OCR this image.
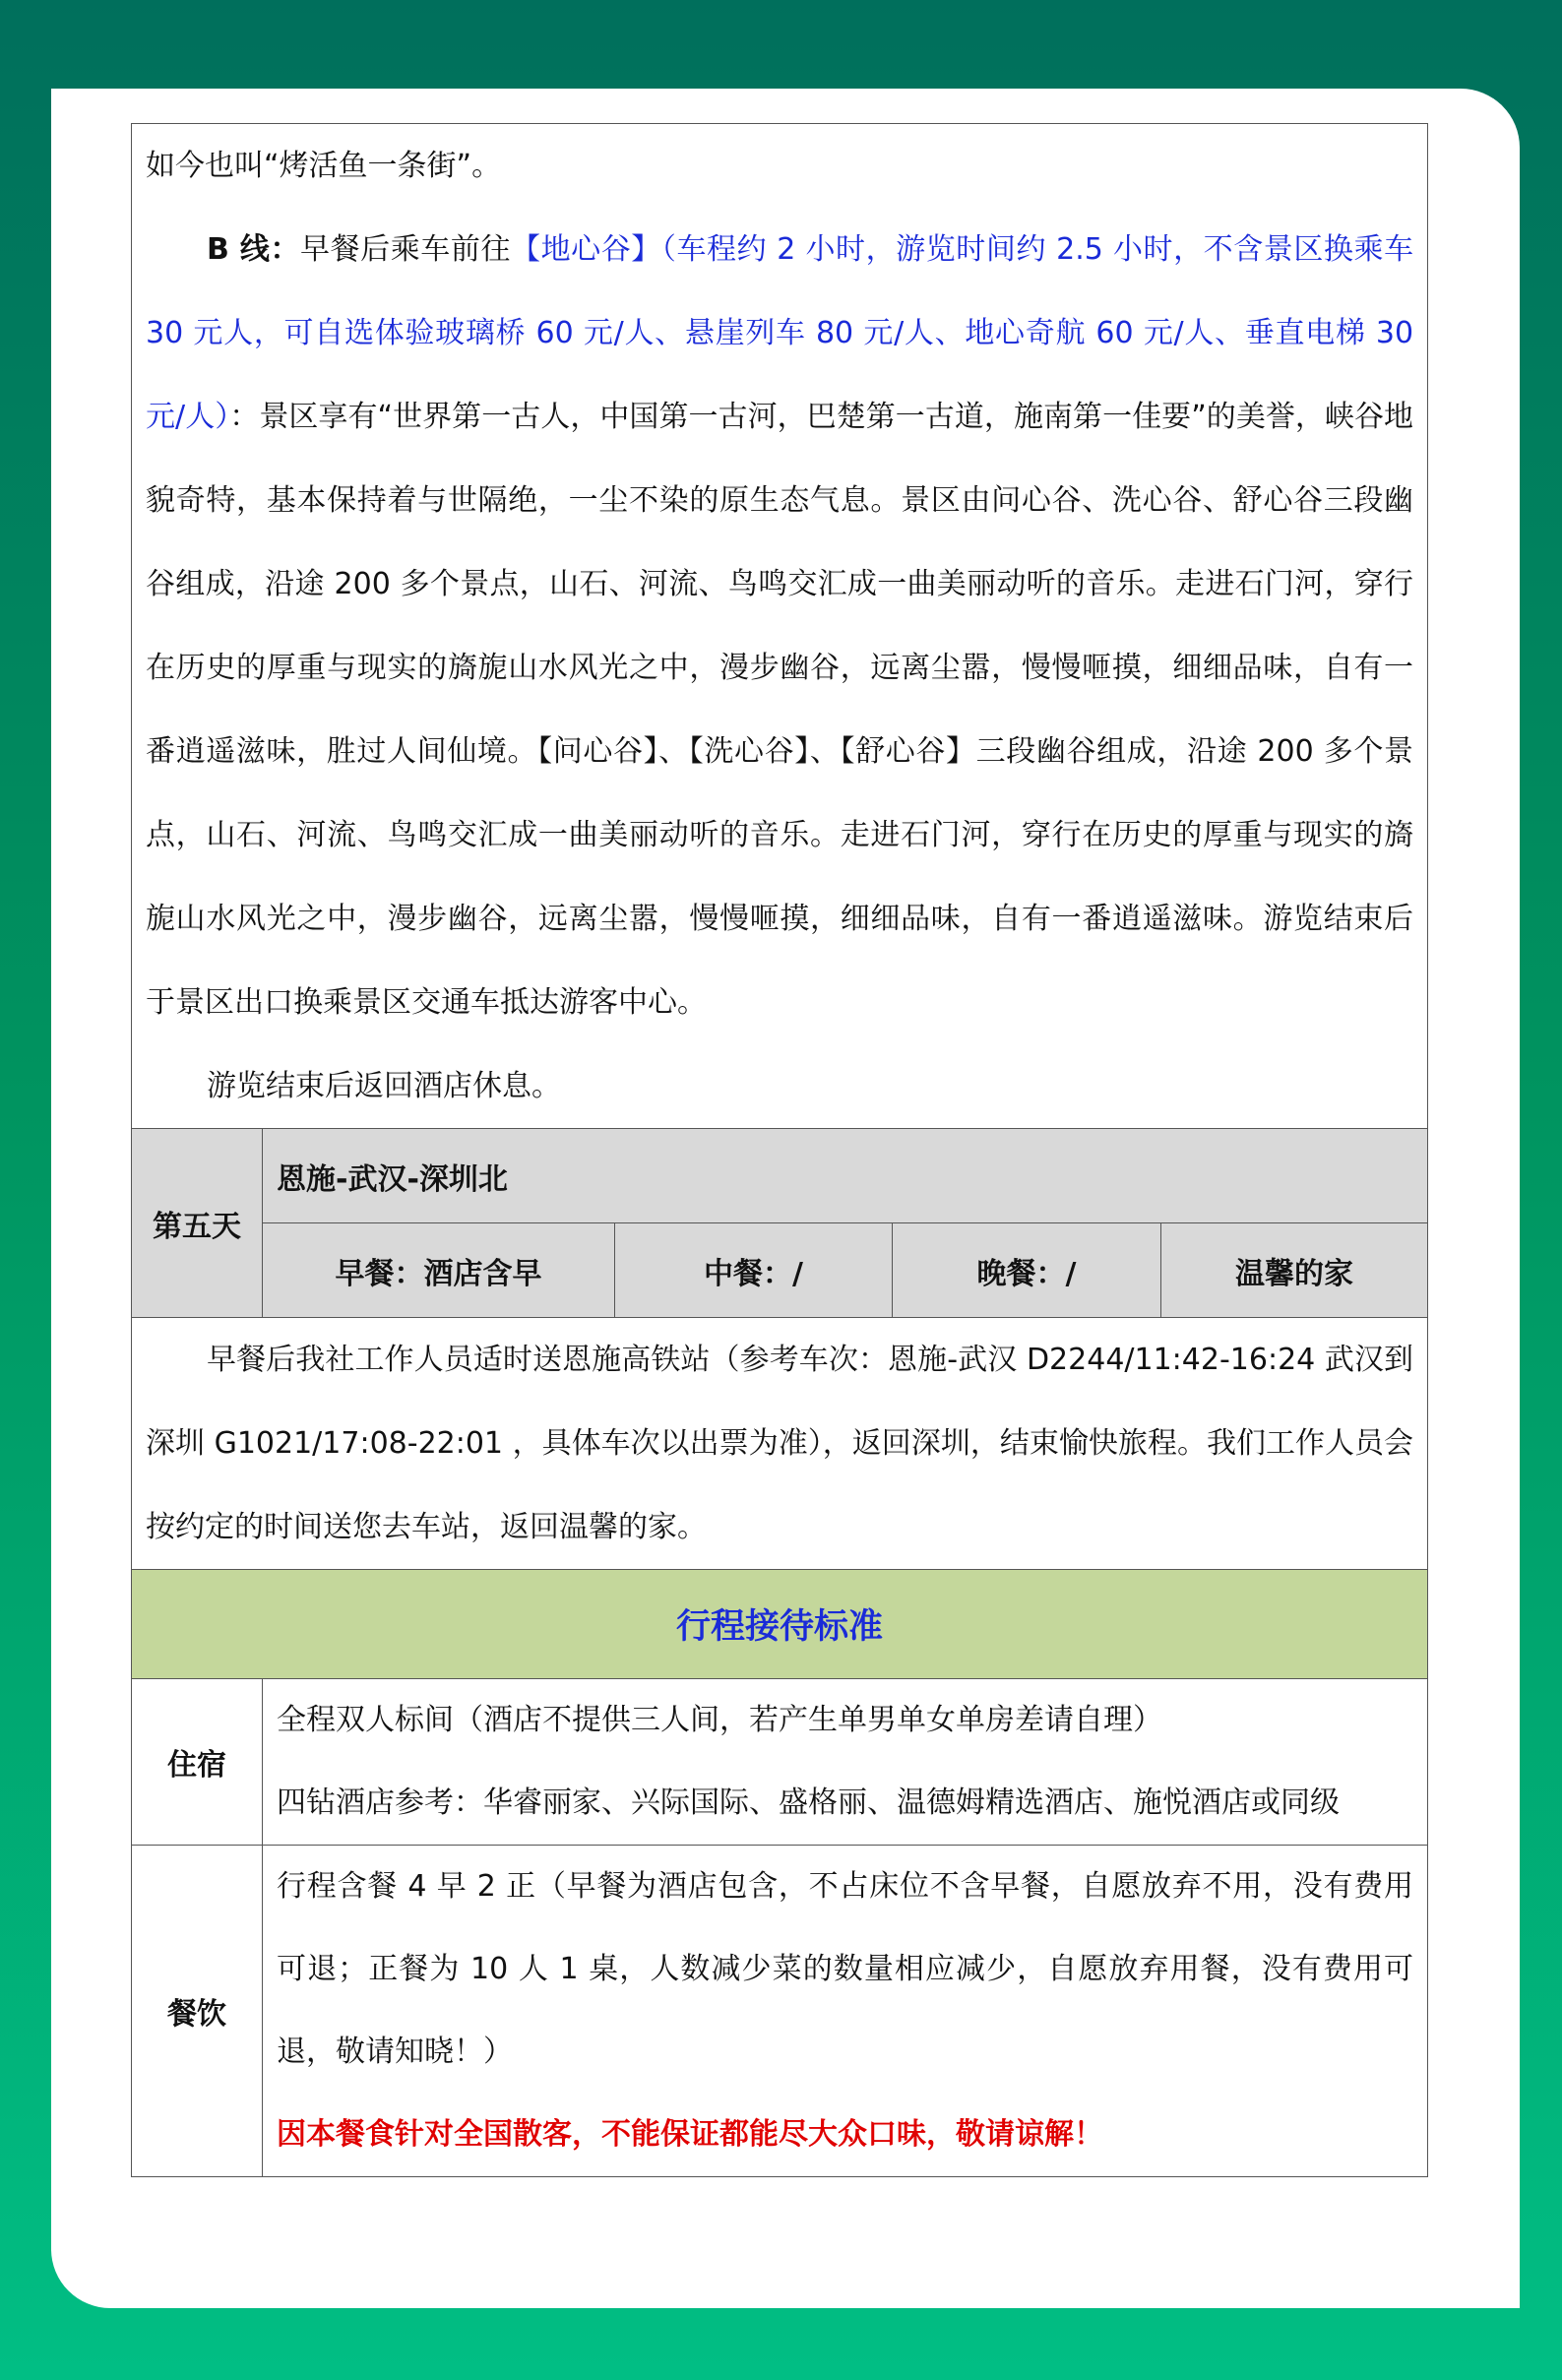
如今也叫“烤活鱼一条街”。
B 线：早餐后乘车前往【地心谷】（车程约 2 小时，游览时间约 2.5 小时，不含景区换乘车 30 元人，可自选体验玻璃桥 60 元/人、悬崖列车 80 元/人、地心奇航 60 元/人、垂直电梯 30 元/人）：景区享有“世界第一古人，中国第一古河，巴楚第一古道，施南第一佳要”的美誉，峡谷地貌奇特，基本保持着与世隔绝，一尘不染的原生态气息。景区由问心谷、洗心谷、舒心谷三段幽谷组成，沿途 200 多个景点，山石、河流、鸟鸣交汇成一曲美丽动听的音乐。走进石门河，穿行在历史的厚重与现实的旖旎山水风光之中，漫步幽谷，远离尘嚣，慢慢咂摸，细细品味，自有一番逍遥滋味，胜过人间仙境。【问心谷】、【洗心谷】、【舒心谷】三段幽谷组成，沿途 200 多个景点，山石、河流、鸟鸣交汇成一曲美丽动听的音乐。走进石门河，穿行在历史的厚重与现实的旖旎山水风光之中，漫步幽谷，远离尘嚣，慢慢咂摸，细细品味，自有一番逍遥滋味。游览结束后于景区出口换乘景区交通车抵达游客中心。
游览结束后返回酒店休息。				

第五天	恩施-武汉-深圳北			
	早餐：酒店含早	中餐：/	晚餐：/	温馨的家

早餐后我社工作人员适时送恩施高铁站（参考车次：恩施-武汉 D2244/11:42-16:24 武汉到深圳 G1021/17:08-22:01 ，具体车次以出票为准），返回深圳，结束愉快旅程。我们工作人员会按约定的时间送您去车站，返回温馨的家。				

行程接待标准				
住宿	全程双人标间（酒店不提供三人间，若产生单男单女单房差请自理）
四钻酒店参考：华睿丽家、兴际国际、盛格丽、温德姆精选酒店、施悦酒店或同级			

餐饮	行程含餐 4 早 2 正（早餐为酒店包含，不占床位不含早餐，自愿放弃不用，没有费用可退；正餐为 10 人 1 桌，人数减少菜的数量相应减少，自愿放弃用餐，没有费用可退，敬请知晓！）
因本餐食针对全国散客，不能保证都能尽大众口味，敬请谅解！			
